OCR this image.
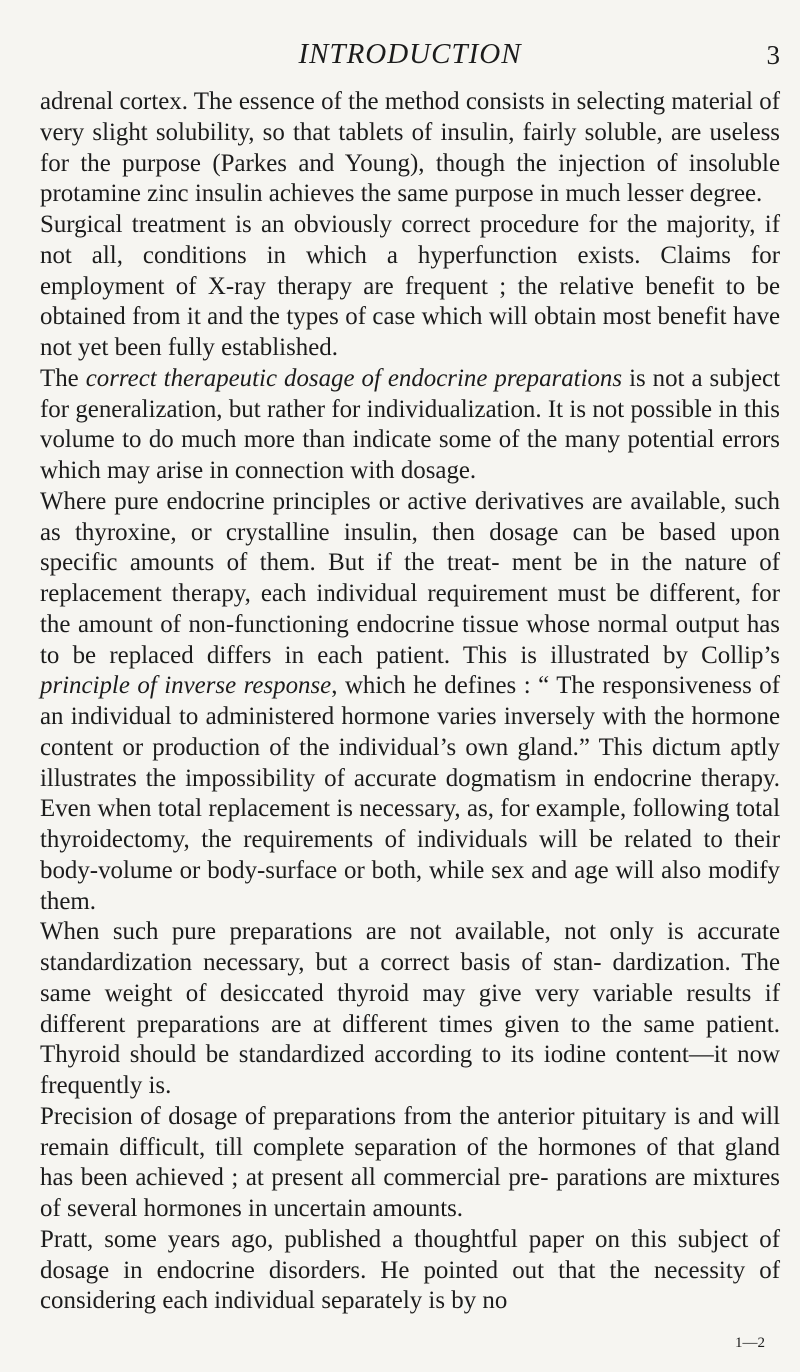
INTRODUCTION	3

adrenal cortex. The essence of the method consists in selecting material of very slight solubility, so that tablets of insulin, fairly soluble, are useless for the purpose (Parkes and Young), though the injection of insoluble protamine zinc insulin achieves the same purpose in much lesser degree.

Surgical treatment is an obviously correct procedure for the majority, if not all, conditions in which a hyperfunction exists. Claims for employment of X-ray therapy are frequent ; the relative benefit to be obtained from it and the types of case which will obtain most benefit have not yet been fully established.

The correct therapeutic dosage of endocrine preparations is not a subject for generalization, but rather for individualization. It is not possible in this volume to do much more than indicate some of the many potential errors which may arise in connection with dosage.

Where pure endocrine principles or active derivatives are available, such as thyroxine, or crystalline insulin, then dosage can be based upon specific amounts of them. But if the treat- ment be in the nature of replacement therapy, each individual requirement must be different, for the amount of non-functioning endocrine tissue whose normal output has to be replaced differs in each patient. This is illustrated by Collip’s principle of inverse response, which he defines : “ The responsiveness of an individual to administered hormone varies inversely with the hormone content or production of the individual’s own gland.” This dictum aptly illustrates the impossibility of accurate dogmatism in endocrine therapy. Even when total replacement is necessary, as, for example, following total thyroidectomy, the requirements of individuals will be related to their body-volume or body-surface or both, while sex and age will also modify them.

When such pure preparations are not available, not only is accurate standardization necessary, but a correct basis of stan- dardization. The same weight of desiccated thyroid may give very variable results if different preparations are at different times given to the same patient. Thyroid should be standardized according to its iodine content—it now frequently is.

Precision of dosage of preparations from the anterior pituitary is and will remain difficult, till complete separation of the hormones of that gland has been achieved ; at present all commercial pre- parations are mixtures of several hormones in uncertain amounts.

Pratt, some years ago, published a thoughtful paper on this subject of dosage in endocrine disorders. He pointed out that the necessity of considering each individual separately is by no

1—2
